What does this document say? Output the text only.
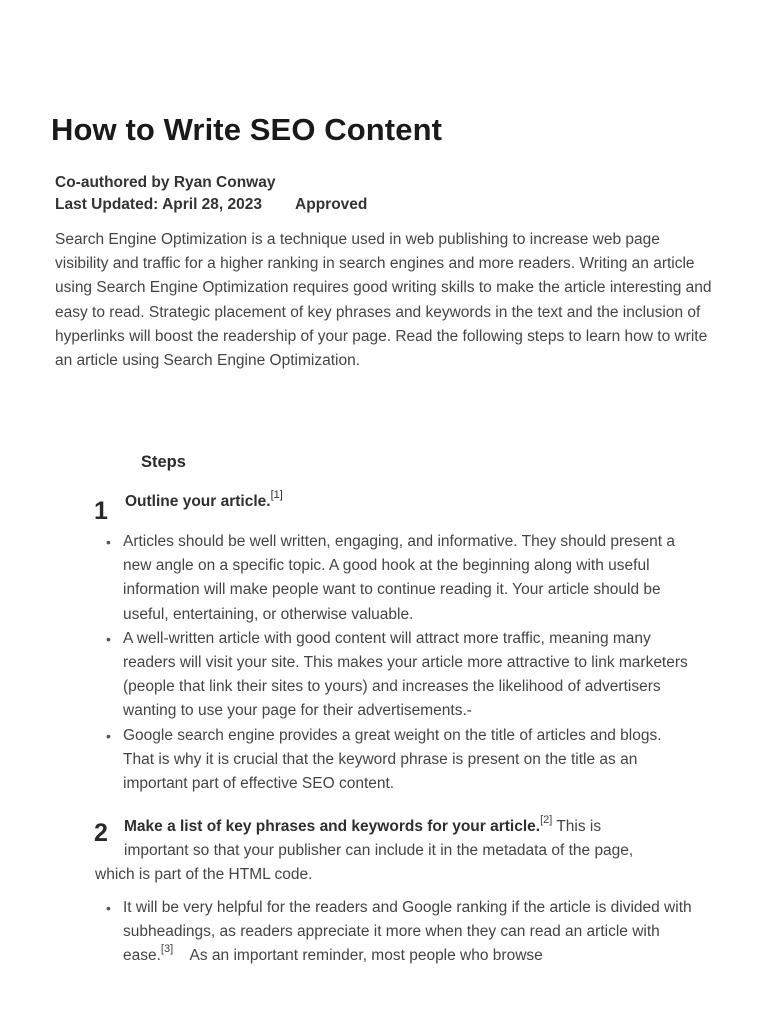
How to Write SEO Content
Co-authored by Ryan Conway
Last Updated: April 28, 2023 Approved

Search Engine Optimization is a technique used in web publishing to increase web page visibility and traffic for a higher ranking in search engines and more readers. Writing an article using Search Engine Optimization requires good writing skills to make the article interesting and easy to read. Strategic placement of key phrases and keywords in the text and the inclusion of hyperlinks will boost the readership of your page. Read the following steps to learn how to write an article using Search Engine Optimization.

Steps
1 Outline your article.[1]
• Articles should be well written, engaging, and informative. They should present a new angle on a specific topic. A good hook at the beginning along with useful information will make people want to continue reading it. Your article should be useful, entertaining, or otherwise valuable.
• A well-written article with good content will attract more traffic, meaning many readers will visit your site. This makes your article more attractive to link marketers (people that link their sites to yours) and increases the likelihood of advertisers wanting to use your page for their advertisements.-
• Google search engine provides a great weight on the title of articles and blogs. That is why it is crucial that the keyword phrase is present on the title as an important part of effective SEO content.
2	Make a list of key phrases and keywords for your article.[2] This is
important so that your publisher can include it in the metadata of the page,
which is part of the HTML code.
• It will be very helpful for the readers and Google ranking if the article is divided with subheadings, as readers appreciate it more when they can read an article with ease.[3] As an important reminder, most people who browse
